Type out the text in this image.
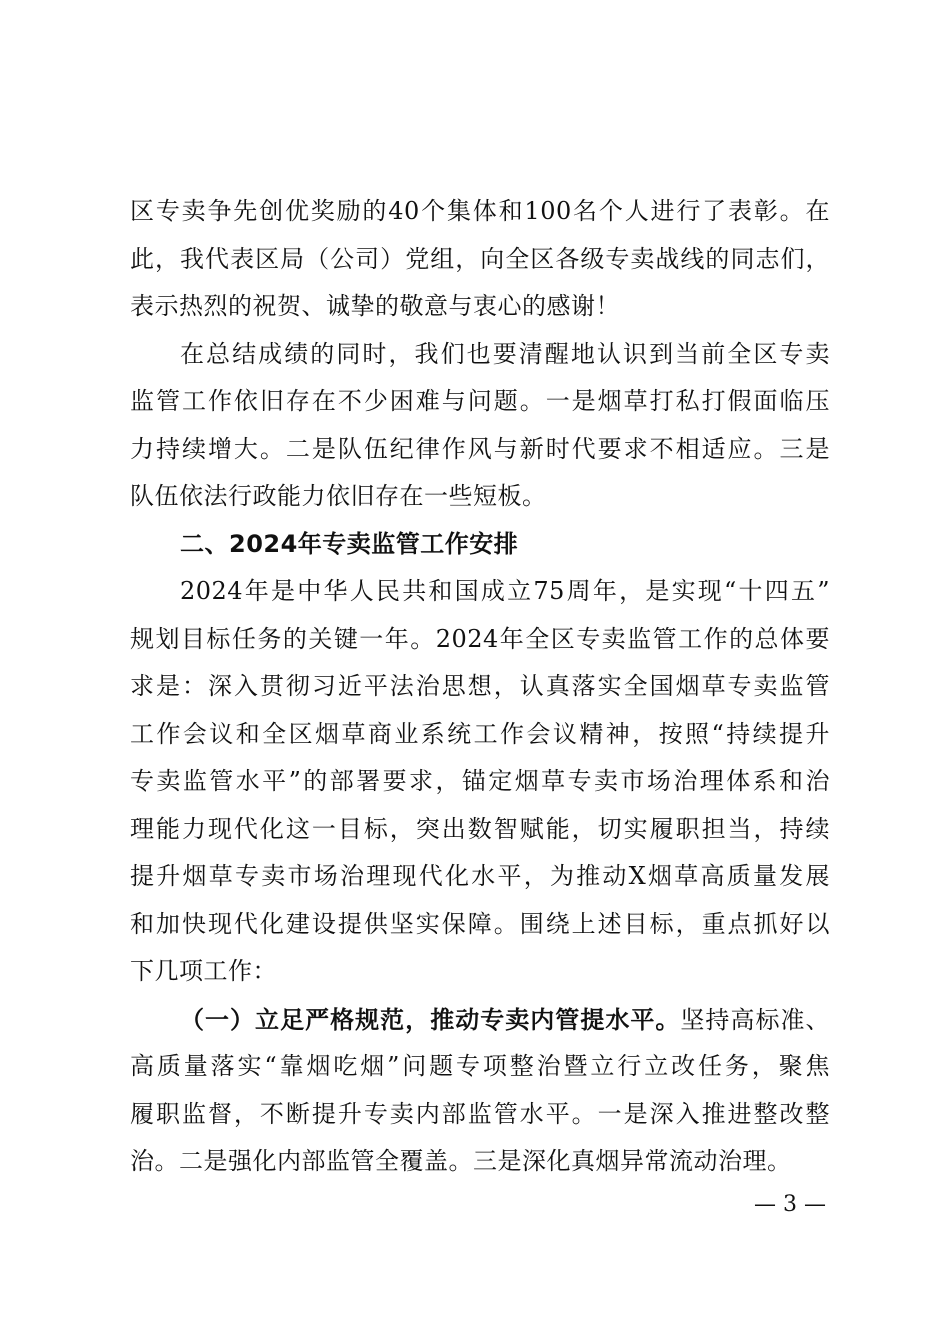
区专卖争先创优奖励的40个集体和100名个人进行了表彰。在
此，我代表区局（公司）党组，向全区各级专卖战线的同志们，
表示热烈的祝贺、诚挚的敬意与衷心的感谢！
在总结成绩的同时，我们也要清醒地认识到当前全区专卖
监管工作依旧存在不少困难与问题。一是烟草打私打假面临压
力持续增大。二是队伍纪律作风与新时代要求不相适应。三是
队伍依法行政能力依旧存在一些短板。
二、2024年专卖监管工作安排
2024年是中华人民共和国成立75周年，是实现“十四五”
规划目标任务的关键一年。2024年全区专卖监管工作的总体要
求是：深入贯彻习近平法治思想，认真落实全国烟草专卖监管
工作会议和全区烟草商业系统工作会议精神，按照“持续提升
专卖监管水平”的部署要求，锚定烟草专卖市场治理体系和治
理能力现代化这一目标，突出数智赋能，切实履职担当，持续
提升烟草专卖市场治理现代化水平，为推动X烟草高质量发展
和加快现代化建设提供坚实保障。围绕上述目标，重点抓好以
下几项工作：
（一）立足严格规范，推动专卖内管提水平。坚持高标准、
高质量落实“靠烟吃烟”问题专项整治暨立行立改任务，聚焦
履职监督，不断提升专卖内部监管水平。一是深入推进整改整
治。二是强化内部监管全覆盖。三是深化真烟异常流动治理。
— 3 —
